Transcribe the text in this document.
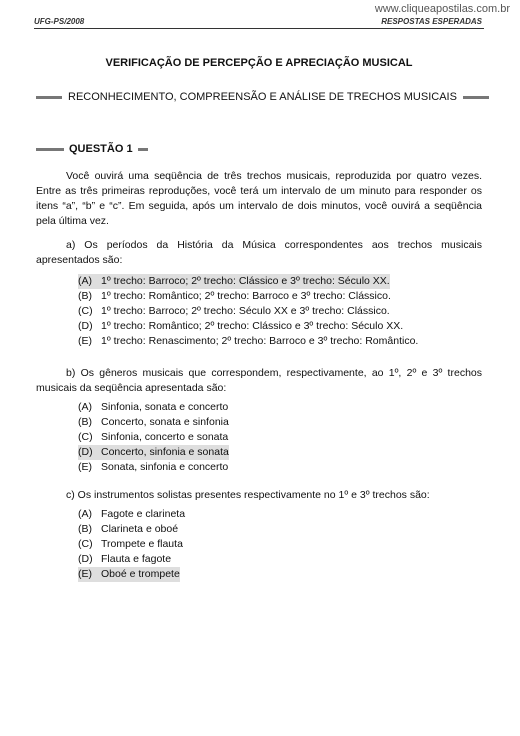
www.cliqueapostilas.com.br
UFG-PS/2008	RESPOSTAS ESPERADAS
VERIFICAÇÃO DE PERCEPÇÃO E APRECIAÇÃO MUSICAL
RECONHECIMENTO, COMPREENSÃO E ANÁLISE DE TRECHOS MUSICAIS
QUESTÃO 1
Você ouvirá uma seqüência de três trechos musicais, reproduzida por quatro vezes. Entre as três primeiras reproduções, você terá um intervalo de um minuto para responder os itens “a”, “b” e “c”. Em seguida, após um intervalo de dois minutos, você ouvirá a seqüência pela última vez.
a) Os períodos da História da Música correspondentes aos trechos musicais apresentados são:
(A) 1º trecho: Barroco; 2º trecho: Clássico e 3º trecho: Século XX.
(B) 1º trecho: Romântico; 2º trecho: Barroco e 3º trecho: Clássico.
(C) 1º trecho: Barroco; 2º trecho: Século XX e 3º trecho: Clássico.
(D) 1º trecho: Romântico; 2º trecho: Clássico e 3º trecho: Século XX.
(E) 1º trecho: Renascimento; 2º trecho: Barroco e 3º trecho: Romântico.
b) Os gêneros musicais que correspondem, respectivamente, ao 1º, 2º e 3º trechos musicais da seqüência apresentada são:
(A) Sinfonia, sonata e concerto
(B) Concerto, sonata e sinfonia
(C) Sinfonia, concerto e sonata
(D) Concerto, sinfonia e sonata
(E) Sonata, sinfonia e concerto
c) Os instrumentos solistas presentes respectivamente no 1º e 3º trechos são:
(A) Fagote e clarineta
(B) Clarineta e oboé
(C) Trompete e flauta
(D) Flauta e fagote
(E) Oboé e trompete
